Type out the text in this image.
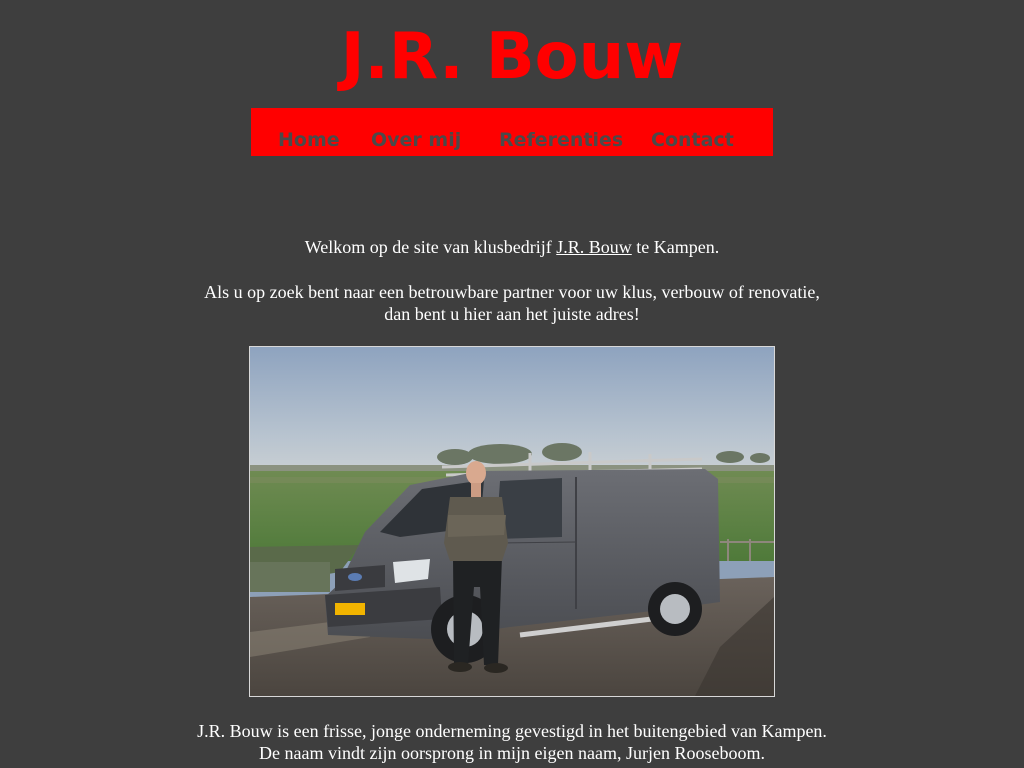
J.R. Bouw
Home Over mij Referenties Contact

Welkom op de site van klusbedrijf J.R. Bouw te Kampen.

Als u op zoek bent naar een betrouwbare partner voor uw klus, verbouw of renovatie,
dan bent u hier aan het juiste adres!

J.R. Bouw is een frisse, jonge onderneming gevestigd in het buitengebied van Kampen.
De naam vindt zijn oorsprong in mijn eigen naam, Jurjen Rooseboom.
